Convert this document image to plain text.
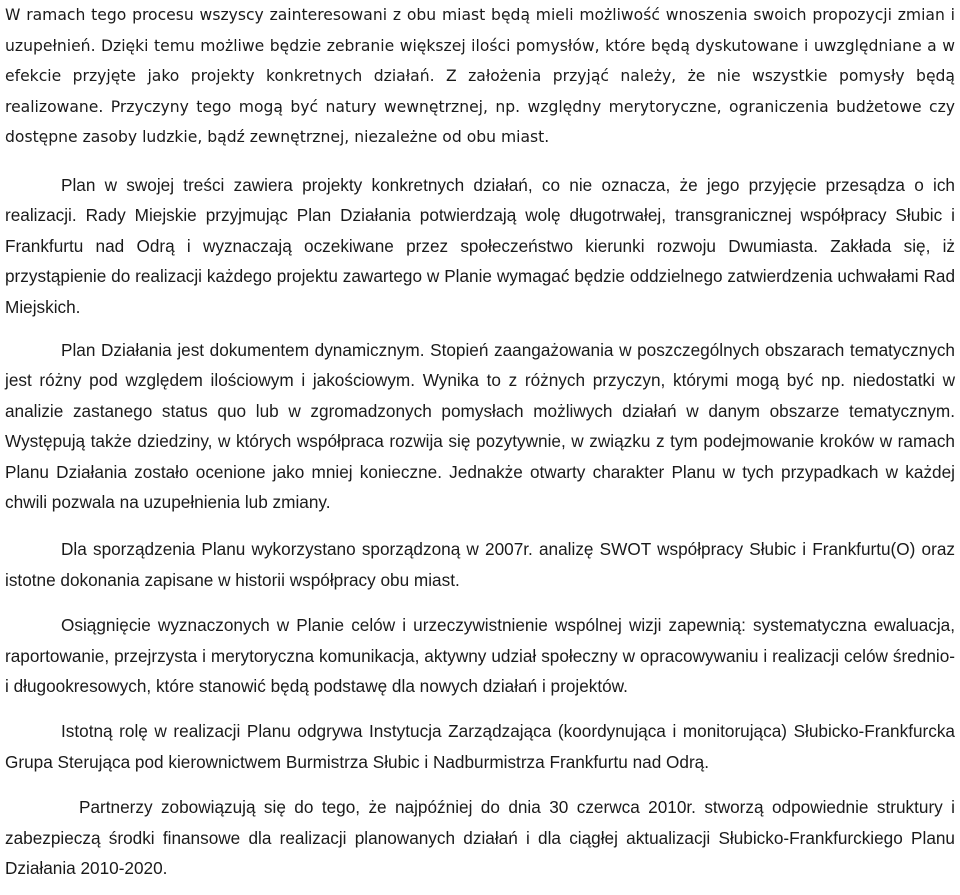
W ramach tego procesu wszyscy zainteresowani z obu miast będą mieli możliwość wnoszenia swoich propozycji zmian i uzupełnień. Dzięki temu możliwe będzie zebranie większej ilości pomysłów, które będą dyskutowane i uwzględniane a w efekcie przyjęte jako projekty konkretnych działań. Z założenia przyjąć należy, że nie wszystkie pomysły będą realizowane. Przyczyny tego mogą być natury wewnętrznej, np. względny merytoryczne, ograniczenia budżetowe czy dostępne zasoby ludzkie, bądź zewnętrznej, niezależne od obu miast.

Plan w swojej treści zawiera projekty konkretnych działań, co nie oznacza, że jego przyjęcie przesądza o ich realizacji. Rady Miejskie przyjmując Plan Działania potwierdzają wolę długotrwałej, transgranicznej współpracy Słubic i Frankfurtu nad Odrą i wyznaczają oczekiwane przez społeczeństwo kierunki rozwoju Dwumiasta. Zakłada się, iż przystąpienie do realizacji każdego projektu zawartego w Planie wymagać będzie oddzielnego zatwierdzenia uchwałami Rad Miejskich.

Plan Działania jest dokumentem dynamicznym. Stopień zaangażowania w poszczególnych obszarach tematycznych jest różny pod względem ilościowym i jakościowym. Wynika to z różnych przyczyn, którymi mogą być np. niedostatki w analizie zastanego status quo lub w zgromadzonych pomysłach możliwych działań w danym obszarze tematycznym. Występują także dziedziny, w których współpraca rozwija się pozytywnie, w związku z tym podejmowanie kroków w ramach Planu Działania zostało ocenione jako mniej konieczne. Jednakże otwarty charakter Planu w tych przypadkach w każdej chwili pozwala na uzupełnienia lub zmiany.

Dla sporządzenia Planu wykorzystano sporządzoną w 2007r. analizę SWOT współpracy Słubic i Frankfurtu(O) oraz istotne dokonania zapisane w historii współpracy obu miast.

Osiągnięcie wyznaczonych w Planie celów i urzeczywistnienie wspólnej wizji zapewnią: systematyczna ewaluacja, raportowanie, przejrzysta i merytoryczna komunikacja, aktywny udział społeczny w opracowywaniu i realizacji celów średnio- i długookresowych, które stanowić będą podstawę dla nowych działań i projektów.

Istotną rolę w realizacji Planu odgrywa Instytucja Zarządzająca (koordynująca i monitorująca) Słubicko-Frankfurcka Grupa Sterująca pod kierownictwem Burmistrza Słubic i Nadburmistrza Frankfurtu nad Odrą.

Partnerzy zobowiązują się do tego, że najpóźniej do dnia 30 czerwca 2010r. stworzą odpowiednie struktury i zabezpieczą środki finansowe dla realizacji planowanych działań i dla ciągłej aktualizacji Słubicko-Frankfurckiego Planu Działania 2010-2020.
